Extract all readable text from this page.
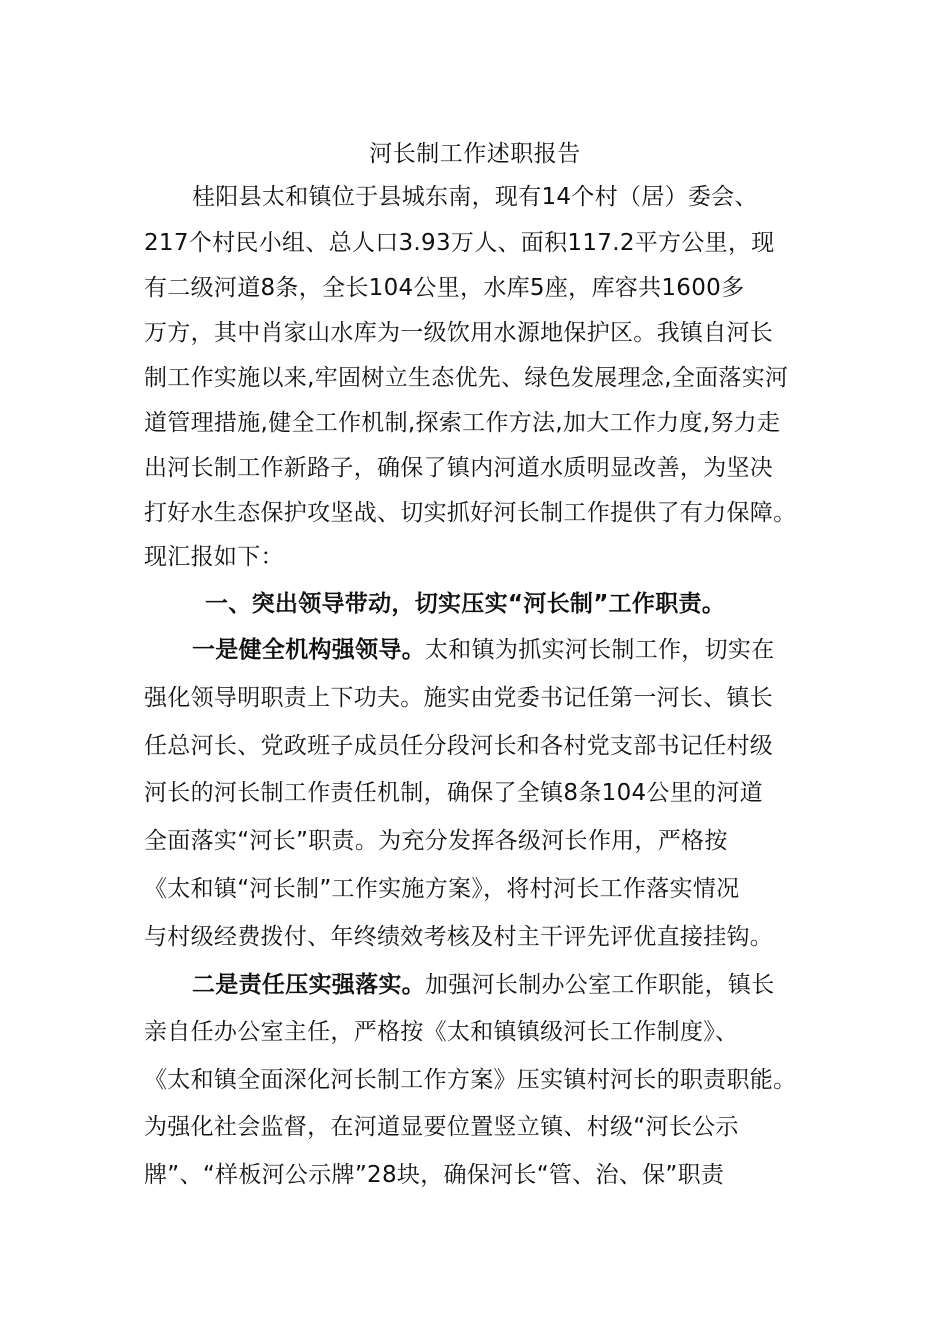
河长制工作述职报告
桂阳县太和镇位于县城东南，现有14个村（居）委会、
217个村民小组、总人口3.93万人、面积117.2平方公里，现
有二级河道8条，全长104公里，水库5座，库容共1600多
万方，其中肖家山水库为一级饮用水源地保护区。我镇自河长
制工作实施以来,牢固树立生态优先、绿色发展理念,全面落实河
道管理措施,健全工作机制,探索工作方法,加大工作力度,努力走
出河长制工作新路子，确保了镇内河道水质明显改善，为坚决
打好水生态保护攻坚战、切实抓好河长制工作提供了有力保障。
现汇报如下：
一、突出领导带动，切实压实“河长制”工作职责。
一是健全机构强领导。太和镇为抓实河长制工作，切实在
强化领导明职责上下功夫。施实由党委书记任第一河长、镇长
任总河长、党政班子成员任分段河长和各村党支部书记任村级
河长的河长制工作责任机制，确保了全镇8条104公里的河道
全面落实“河长”职责。为充分发挥各级河长作用，严格按
《太和镇“河长制”工作实施方案》，将村河长工作落实情况
与村级经费拨付、年终绩效考核及村主干评先评优直接挂钩。
二是责任压实强落实。加强河长制办公室工作职能，镇长
亲自任办公室主任，严格按《太和镇镇级河长工作制度》、
《太和镇全面深化河长制工作方案》压实镇村河长的职责职能。
为强化社会监督，在河道显要位置竖立镇、村级“河长公示
牌”、“样板河公示牌”28块，确保河长“管、治、保”职责
